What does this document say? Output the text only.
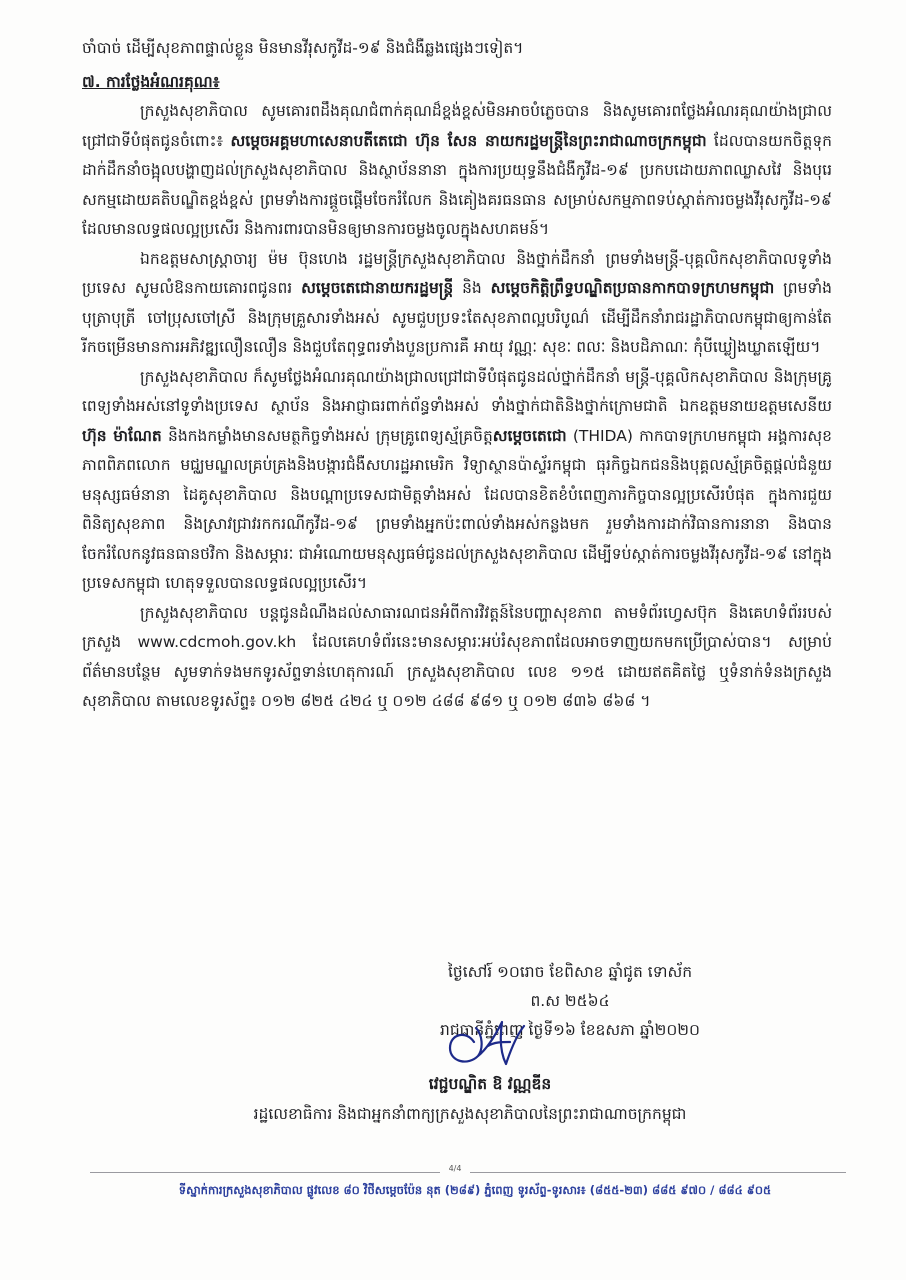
ចាំបាច់ ដើម្បីសុខភាពផ្ទាល់ខ្លួន មិនមានវីរុសកូវីដ-១៩ និងជំងឺឆ្លងផ្សេងៗទៀត។

៧. ការថ្លែងអំណរគុណ៖

ក្រសួងសុខាភិបាល សូមគោរពដឹងគុណជំពាក់គុណដ៏ខ្ពង់ខ្ពស់មិនអាចបំភ្លេចបាន និងសូមគោរពថ្លែងអំណរគុណយ៉ាងជ្រាលជ្រៅជាទីបំផុតជូនចំពោះ៖ សម្តេចអគ្គមហាសេនាបតីតេជោ ហ៊ុន សែន នាយករដ្ឋមន្ត្រីនៃព្រះរាជាណាចក្រកម្ពុជា ដែលបានយកចិត្តទុកដាក់ដឹកនាំចង្អុលបង្ហាញដល់ក្រសួងសុខាភិបាល និងស្ថាប័ននានា ក្នុងការប្រយុទ្ធនឹងជំងឺកូវីដ-១៩ ប្រកបដោយភាពឈ្លាសវៃ និងបុរេសកម្មដោយគតិបណ្ឌិតខ្ពង់ខ្ពស់ ព្រមទាំងការផ្តួចផ្តើមចែករំលែក និងគៀងគរធនធាន សម្រាប់សកម្មភាពទប់ស្កាត់ការចម្លងវីរុសកូវីដ-១៩ ដែលមានលទ្ធផលល្អប្រសើរ និងការពារបានមិនឲ្យមានការចម្លងចូលក្នុងសហគមន៍។

ឯកឧត្តមសាស្ត្រាចារ្យ ម៉ម ប៊ុនហេង រដ្ឋមន្ត្រីក្រសួងសុខាភិបាល និងថ្នាក់ដឹកនាំ ព្រមទាំងមន្ត្រី-បុគ្គលិកសុខាភិបាលទូទាំងប្រទេស សូមលំឱនកាយគោរពជូនពរ សម្តេចតេជោនាយករដ្ឋមន្ត្រី និង សម្តេចកិត្តិព្រឹទ្ធបណ្ឌិតប្រធានកាកបាទក្រហមកម្ពុជា ព្រមទាំងបុត្រាបុត្រី ចៅប្រុសចៅស្រី និងក្រុមគ្រួសារទាំងអស់ សូមជួបប្រទះតែសុខភាពល្អបរិបូណ៌ ដើម្បីដឹកនាំរាជរដ្ឋាភិបាលកម្ពុជាឲ្យកាន់តែរីកចម្រើនមានការអភិវឌ្ឍលឿនលឿន និងជួបតែពុទ្ធពរទាំងបួនប្រការគឺ អាយុ វណ្ណៈ សុខៈ ពលៈ និងបដិភាណៈ កុំបីឃ្លៀងឃ្លាតឡើយ។

ក្រសួងសុខាភិបាល ក៏សូមថ្លែងអំណរគុណយ៉ាងជ្រាលជ្រៅជាទីបំផុតជូនដល់ថ្នាក់ដឹកនាំ មន្ត្រី-បុគ្គលិកសុខាភិបាល និងក្រុមគ្រូពេទ្យទាំងអស់នៅទូទាំងប្រទេស ស្ថាប័ន និងអាជ្ញាធរពាក់ព័ន្ធទាំងអស់ ទាំងថ្នាក់ជាតិនិងថ្នាក់ក្រោមជាតិ ឯកឧត្តមនាយឧត្តមសេនីយ ហ៊ុន ម៉ាណែត និងកងកម្លាំងមានសមត្ថកិច្ចទាំងអស់ ក្រុមគ្រូពេទ្យស្ម័គ្រចិត្តសម្តេចតេជោ (THIDA) កាកបាទក្រហមកម្ពុជា អង្គការសុខភាពពិភពលោក មជ្ឈមណ្ឌលគ្រប់គ្រងនិងបង្ការជំងឺសហរដ្ឋអាមេរិក វិទ្យាស្ថានប៉ាស្ទ័រកម្ពុជា ធុរកិច្ចឯកជននិងបុគ្គលស្ម័គ្រចិត្តផ្តល់ជំនួយមនុស្សធម៌នានា ដៃគូសុខាភិបាល និងបណ្តាប្រទេសជាមិត្តទាំងអស់ ដែលបានខិតខំបំពេញភារកិច្ចបានល្អប្រសើរបំផុត ក្នុងការជួយពិនិត្យសុខភាព និងស្រាវជ្រាវរកករណីកូវីដ-១៩ ព្រមទាំងអ្នកប៉ះពាល់ទាំងអស់កន្លងមក រួមទាំងការដាក់វិធានការនានា និងបានចែករំលែកនូវធនធានថវិកា និងសម្ភារៈ ជាអំណោយមនុស្សធម៌ជូនដល់ក្រសួងសុខាភិបាល ដើម្បីទប់ស្កាត់ការចម្លងវីរុសកូវីដ-១៩ នៅក្នុងប្រទេសកម្ពុជា ហេតុទទួលបានលទ្ធផលល្អប្រសើរ។

ក្រសួងសុខាភិបាល បន្តជូនដំណឹងដល់សាធារណជនអំពីការវិវត្តន៍នៃបញ្ហាសុខភាព តាមទំព័រហ្វេសប៊ុក និងគេហទំព័ររបស់ក្រសួង www.cdcmoh.gov.kh ដែលគេហទំព័រនេះមានសម្ភារៈអប់រំសុខភាពដែលអាចទាញយកមកប្រើប្រាស់បាន។ សម្រាប់ព័ត៌មានបន្ថែម សូមទាក់ទងមកទូរស័ព្ទទាន់ហេតុការណ៍ ក្រសួងសុខាភិបាល លេខ ១១៥ ដោយឥតគិតថ្លៃ ឬទំនាក់ទំនងក្រសួងសុខាភិបាល តាមលេខទូរស័ព្ទ៖ ០១២ ៨២៥ ៤២៤ ឬ ០១២ ៤៨៨ ៩៨១ ឬ ០១២ ៨៣៦ ៨៦៨ ។

ថ្ងៃសៅរ៍ ១០រោច ខែពិសាខ ឆ្នាំជូត ទោស័ក ព.ស ២៥៦៤
រាជធានីភ្នំពេញ ថ្ងៃទី១៦ ខែឧសភា ឆ្នាំ២០២០
វេជ្ជបណ្ឌិត ឱ វណ្ណឌីន
រដ្ឋលេខាធិការ និងជាអ្នកនាំពាក្យក្រសួងសុខាភិបាលនៃព្រះរាជាណាចក្រកម្ពុជា
4/4
ទីស្នាក់ការក្រសួងសុខាភិបាល ផ្លូវលេខ ៨០ វិថីសម្តេចប៉ែន នុត (២៨៩) ភ្នំពេញ ទូរស័ព្ទ-ទូរសារ៖ (៨៥៥-២៣) ៨៨៥ ៩៧០ / ៨៨៤ ៩០៥
